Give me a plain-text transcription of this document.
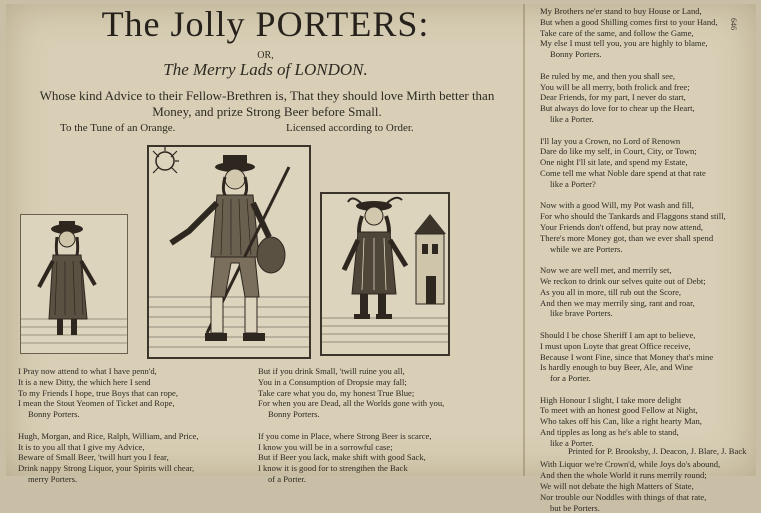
The Jolly PORTERS:
OR,
The Merry Lads of LONDON.
Whose kind Advice to their Fellow-Brethren is, That they should love Mirth better than Money, and prize Strong Beer before Small.
To the Tune of an Orange.	Licensed according to Order.
I Pray now attend to what I have penn'd,
It is a new Ditty, the which here I send
To my Friends I hope, true Boys that can rope,
I mean the Stout Yeomen of Ticket and Rope,
Bonny Porters.

Hugh, Morgan, and Rice, Ralph, William, and Price,
It is to you all that I give my Advice,
Beware of Small Beer, 'twill hurt you I fear,
Drink nappy Strong Liquor, your Spirits will chear,
merry Porters.
But if you drink Small, 'twill ruine you all,
You in a Consumption of Dropsie may fall;
Take care what you do, my honest True Blue;
For when you are Dead, all the Worlds gone with you,
Bonny Porters.

If you come in Place, where Strong Beer is scarce,
I know you will be in a sorrowful case;
But if Beer you lack, make shift with good Sack,
I know it is good for to strengthen the Back
of a Porter.
My Brothers ne'er stand to buy House or Land,
But when a good Shilling comes first to your Hand,
Take care of the same, and follow the Game,
My else I must tell you, you are highly to blame,
Bonny Porters.

Be ruled by me, and then you shall see,
You will be all merry, both frolick and free;
Dear Friends, for my part, I never do start,
But always do love for to chear up the Heart,
like a Porter.

I'll lay you a Crown, no Lord of Renown
Dare do like my self, in Court, City, or Town;
One night I'll sit late, and spend my Estate,
Come tell me what Noble dare spend at that rate
like a Porter?

Now with a good Will, my Pot wash and fill,
For who should the Tankards and Flaggons stand still,
Your Friends don't offend, but pray now attend,
There's more Money got, than we ever shall spend
while we are Porters.

Now we are well met, and merrily set,
We reckon to drink our selves quite out of Debt;
As you all in more, till rub out the Score,
And then we may merrily sing, rant and roar,
like brave Porters.

Should I be chose Sheriff I am apt to believe,
I must upon Loyte that great Office receive,
Because I wont Fine, since that Money that's mine
Is hardly enough to buy Beer, Ale, and Wine
for a Porter.

High Honour I slight, I take more delight
To meet with an honest good Fellow at Night,
Who takes off his Can, like a right hearty Man,
And tipples as long as he's able to stand,
like a Porter.

With Liquor we're Crown'd, while Joys do's abound,
And then the whole World it runs merrily round;
We will not debate the high Matters of State,
Nor trouble our Noddles with things of that rate,
but be Porters.
Printed for P. Brooksby, J. Deacon, J. Blare, J. Back
646
